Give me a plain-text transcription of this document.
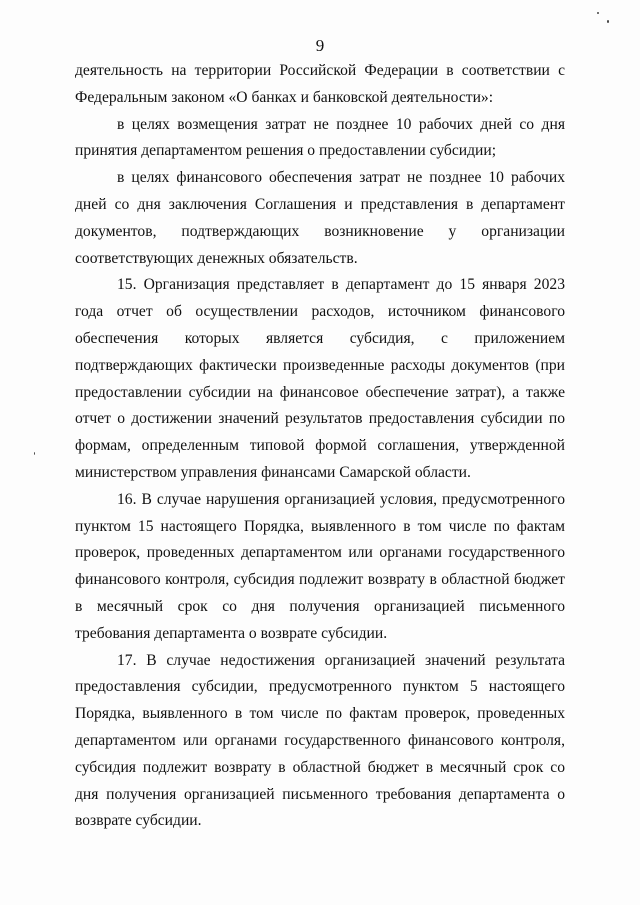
9

деятельность на территории Российской Федерации в соответствии с Федеральным законом «О банках и банковской деятельности»:

в целях возмещения затрат не позднее 10 рабочих дней со дня принятия департаментом решения о предоставлении субсидии;

в целях финансового обеспечения затрат не позднее 10 рабочих дней со дня заключения Соглашения и представления в департамент документов, подтверждающих возникновение у организации соответствующих денежных обязательств.

15. Организация представляет в департамент до 15 января 2023 года отчет об осуществлении расходов, источником финансового обеспечения которых является субсидия, с приложением подтверждающих фактически произведенные расходы документов (при предоставлении субсидии на финансовое обеспечение затрат), а также отчет о достижении значений результатов предоставления субсидии по формам, определенным типовой формой соглашения, утвержденной министерством управления финансами Самарской области.

16. В случае нарушения организацией условия, предусмотренного пунктом 15 настоящего Порядка, выявленного в том числе по фактам проверок, проведенных департаментом или органами государственного финансового контроля, субсидия подлежит возврату в областной бюджет в месячный срок со дня получения организацией письменного требования департамента о возврате субсидии.

17. В случае недостижения организацией значений результата предоставления субсидии, предусмотренного пунктом 5 настоящего Порядка, выявленного в том числе по фактам проверок, проведенных департаментом или органами государственного финансового контроля, субсидия подлежит возврату в областной бюджет в месячный срок со дня получения организацией письменного требования департамента о возврате субсидии.
